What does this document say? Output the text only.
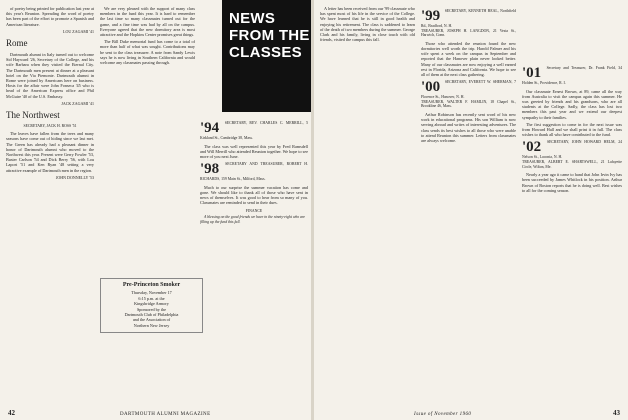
of poetry being printed for publication last year at this year's Reunion. Spreading the word of poetry has been part of the effort to promote a Spanish and American literature.

LOU ZAGAMI '41
Rome

Dartmouth alumni in Italy turned out to welcome Sid Hayward '26, Secretary of the College, and his wife Barbara when they visited the Eternal City. The Dartmouth men present at dinner at a pleasant hotel on the Via Piemonte. Dartmouth alumni in Rome were joined by Americans here on business. Hosts for the affair were John Fonseca '45 who is head of the American Express office and Phil McGuire '40 of the U.S. Embassy.

JACK ZAGAMI '41
The Northwest
SECRETARY, JACK H. ROSS '51

The leaves have fallen from the trees and many seasons have come out of hiding since we last met. The Green has already had a pleasant dinner in honor of Dartmouth alumni who moved to the Northwest this year. Present were Gerry Fowler '53, Buster Carlson '54 and Dick Berry '56, with Lou Laport '51 and Ken Ryan '48 setting a very attractive example of Dartmouth men in the region.

JOHN DONNELLY '53

We are very pleased with the support of many class members in the fund this year. It is hard to remember the last time so many classmates turned out for the game, and a fine time was had by all on the campus. Everyone agreed that the new dormitory area is most attractive and the Hopkins Center promises great things.

The Bill Duke memorial fund has come to a total of more than half of what was sought. Contributions may be sent to the class treasurer. A note from Sandy Lewis says he is now living in Southern California and would welcome any classmates passing through.

Pre-Princeton Smoker
Thursday, November 17
6:15 p.m. at the
Kingsbridge Armory
Sponsored by the
Dartmouth Club of Philadelphia
and the Association of
Northern New Jersey
NEWS FROM THE CLASSES
'94 SECRETARY, REV. CHARLES C. MERRILL, 5 Kirkland St., Cambridge 38, Mass.

The class was well represented this year by Fred Ramsdell and Will Merrill who attended Reunion together. We hope to see more of you next June.

'98 SECRETARY AND TREASURER, ROBERT H. RICHARDS, 159 Main St., Milford, Mass.

Much to our surprise the summer vacation has come and gone. We should like to thank all of those who have sent in news of themselves. It was good to hear from so many of you. Classmates are reminded to send in their dues.

FINANCE

A blessing on the good friends we have in the ninety-eight who are filling up the fund this fall.

DARTMOUTH ALUMNI MAGAZINE
42

A letter has been received from our '99 classmate who has spent most of his life in the service of the College. We have learned that he is still in good health and enjoying his retirement. The class is saddened to learn of the death of two members during the summer. George Clark and his family, living in close touch with old friends, visited the campus this fall.

'99 SECRETARY, KENNETH BEAL, Northfield Rd., Bradford, N. H.
TREASURER, JOSEPH H. LANGDON, 21 Vesta St., Harwich, Conn.

Those who attended the reunion found the new dormitories well worth the trip. Harold Palmer and his wife spent a week on the campus in September and reported that the Hanover plain never looked better. Many of our classmates are now enjoying a well earned rest in Florida, Arizona and California. We hope to see all of them at the next class gathering.

'00 SECRETARY, EVERETT W. SHERMAN, 7 Florence St., Hanover, N. H.
TREASURER, WALTER F. HAMLIN, 18 Chapel St., Brookline 46, Mass.

Arthur Robinson has recently sent word of his new work in educational programs. His son William is now serving abroad and writes of interesting adventures. The class sends its best wishes to all those who were unable to attend Reunion this summer. Letters from classmates are always welcome.

'01 Secretary and Treasurer, Dr. Frank Field, 34 Holden St., Providence, R. I.

Our classmate Ernest Brown, at 89, came all the way from Australia to visit the campus again this summer. He was greeted by friends and his grandsons, who are all students at the College. Sadly, the class has lost two members this past year and we extend our deepest sympathy to their families.

The first suggestion to come in for the next issue was from Howard Hall and we shall print it in full. The class wishes to thank all who have contributed to the fund.

'02 SECRETARY, JOHN HOWARD HELM, 24 Nelson St., Laconia, N. H.
TREASURER, ALBERT E. SHARTSWELL, 21 Lafayette Circle, Wilton, Me.

Nearly a year ago it came to hand that John Irvin Ivy has been succeeded by James Whitlock in his position. Arthur Brown of Boston reports that he is doing well. Best wishes to all for the coming season.

Issue of November 1960	43
